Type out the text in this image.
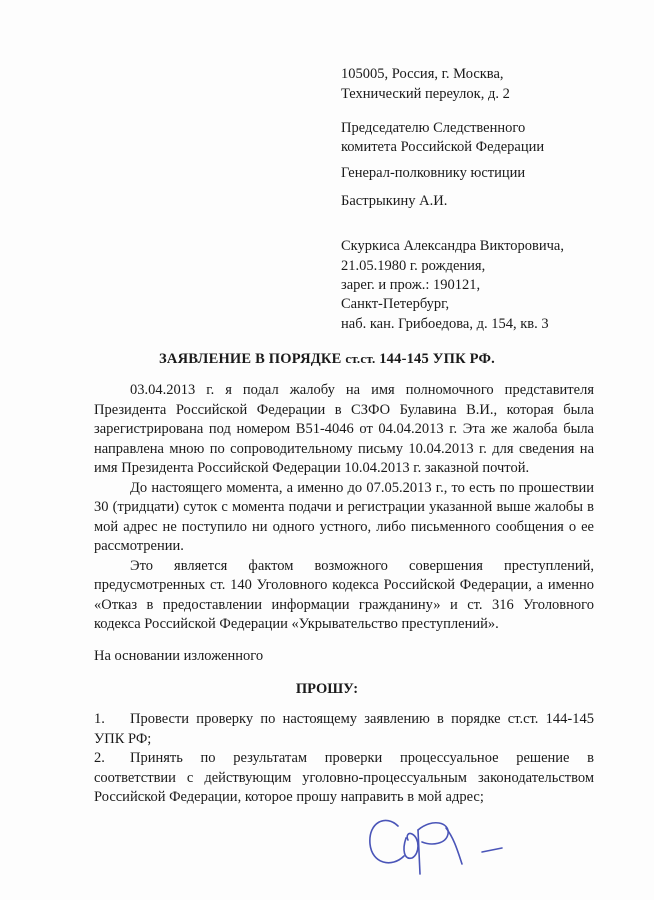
105005, Россия, г. Москва,
Технический переулок, д. 2
Председателю Следственного
комитета Российской Федерации
Генерал-полковнику юстиции
Бастрыкину А.И.
Скуркиса Александра Викторовича,
21.05.1980 г. рождения,
зарег. и прож.: 190121,
Санкт-Петербург,
наб. кан. Грибоедова, д. 154, кв. 3
ЗАЯВЛЕНИЕ В ПОРЯДКЕ ст.ст. 144-145 УПК РФ.

03.04.2013 г. я подал жалобу на имя полномочного представителя Президента Российской Федерации в СЗФО Булавина В.И., которая была зарегистрирована под номером В51-4046 от 04.04.2013 г. Эта же жалоба была направлена мною по сопроводительному письму 10.04.2013 г. для сведения на имя Президента Российской Федерации 10.04.2013 г. заказной почтой.

До настоящего момента, а именно до 07.05.2013 г., то есть по прошествии 30 (тридцати) суток с момента подачи и регистрации указанной выше жалобы в мой адрес не поступило ни одного устного, либо письменного сообщения о ее рассмотрении.

Это является фактом возможного совершения преступлений, предусмотренных ст. 140 Уголовного кодекса Российской Федерации, а именно «Отказ в предоставлении информации гражданину» и ст. 316 Уголовного кодекса Российской Федерации «Укрывательство преступлений».

На основании изложенного
ПРОШУ:

1. Провести проверку по настоящему заявлению в порядке ст.ст. 144-145 УПК РФ;

2. Принять по результатам проверки процессуальное решение в соответствии с действующим уголовно-процессуальным законодательством Российской Федерации, которое прошу направить в мой адрес;
